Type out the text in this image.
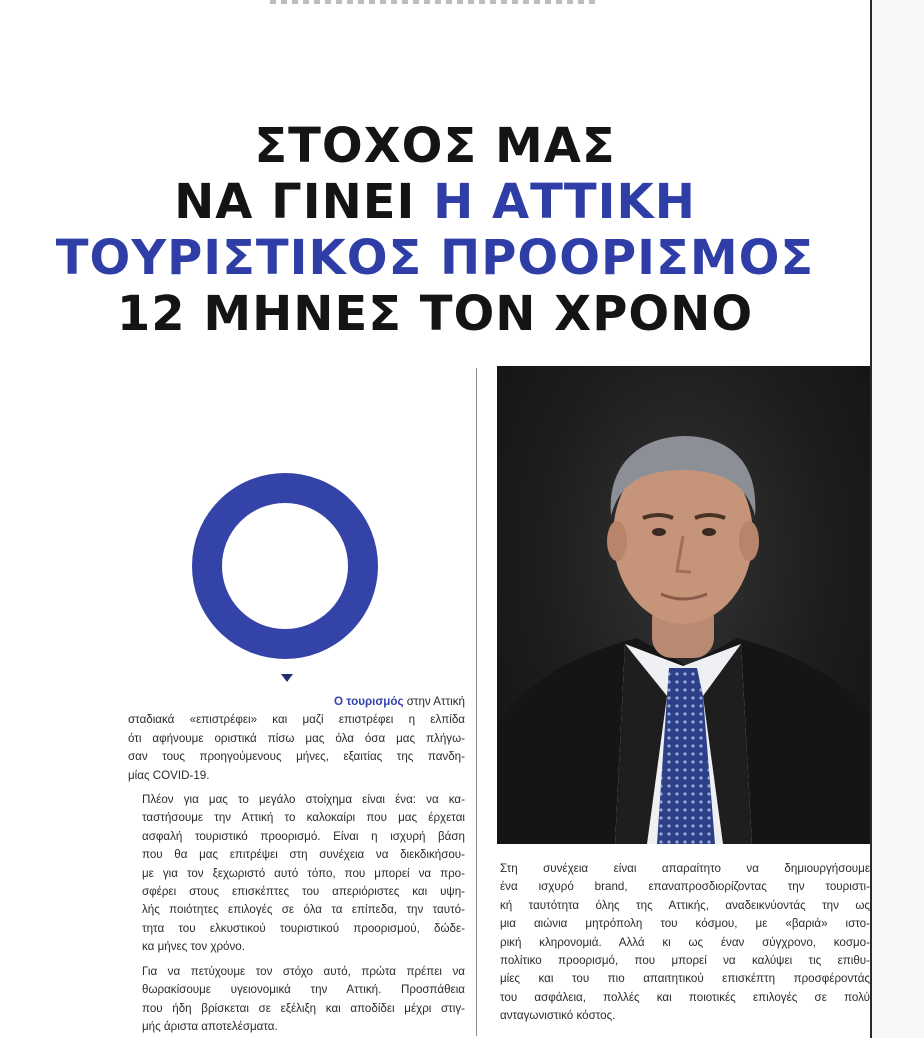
ΣΤΟΧΟΣ ΜΑΣ
ΝΑ ΓΙΝΕΙ Η ΑΤΤΙΚΗ
ΤΟΥΡΙΣΤΙΚΟΣ ΠΡΟΟΡΙΣΜΟΣ
12 ΜΗΝΕΣ ΤΟΝ ΧΡΟΝΟ

Ο τουρισμός στην Αττική

σταδιακά «επιστρέφει» και μαζί επιστρέφει η ελπίδα
ότι αφήνουμε οριστικά πίσω μας όλα όσα μας πλήγω-
σαν τους προηγούμενους μήνες, εξαιτίας της πανδη-
μίας COVID-19.

Πλέον για μας το μεγάλο στοίχημα είναι ένα: να κα-
ταστήσουμε την Αττική το καλοκαίρι που μας έρχεται
ασφαλή τουριστικό προορισμό. Είναι η ισχυρή βάση
που θα μας επιτρέψει στη συνέχεια να διεκδικήσου-
με για τον ξεχωριστό αυτό τόπο, που μπορεί να προ-
σφέρει στους επισκέπτες του απεριόριστες και υψη-
λής ποιότητες επιλογές σε όλα τα επίπεδα, την ταυτό-
τητα του ελκυστικού τουριστικού προορισμού, δώδε-
κα μήνες τον χρόνο.

Για να πετύχουμε τον στόχο αυτό, πρώτα πρέπει να
θωρακίσουμε υγειονομικά την Αττική. Προσπάθεια
που ήδη βρίσκεται σε εξέλιξη και αποδίδει μέχρι στιγ-
μής άριστα αποτελέσματα.

Στη συνέχεια είναι απαραίτητο να δημιουργήσουμε
ένα ισχυρό brand, επαναπροσδιορίζοντας την τουριστι-
κή ταυτότητα όλης της Αττικής, αναδεικνύοντάς την ως
μια αιώνια μητρόπολη του κόσμου, με «βαριά» ιστο-
ρική κληρονομιά. Αλλά κι ως έναν σύγχρονο, κοσμο-
πολίτικο προορισμό, που μπορεί να καλύψει τις επιθυ-
μίες και του πιο απαιτητικού επισκέπτη προσφέροντάς
του ασφάλεια, πολλές και ποιοτικές επιλογές σε πολύ
ανταγωνιστικό κόστος.
